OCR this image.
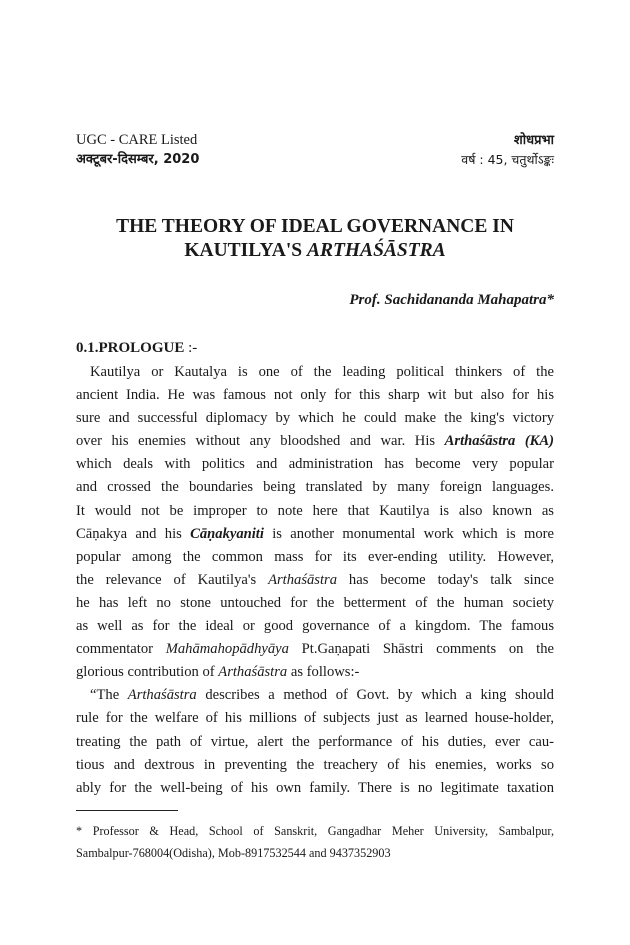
UGC - CARE Listed
अक्टूबर-दिसम्बर, 2020
शोधप्रभा
वर्ष : 45, चतुर्थोऽङ्कः
THE THEORY OF IDEAL GOVERNANCE IN
KAUTILYA'S ARTHAŚĀSTRA
Prof. Sachidananda Mahapatra*
0.1.PROLOGUE :-
Kautilya or Kautalya is one of the leading political thinkers of the
ancient India. He was famous not only for this sharp wit but also for his
sure and successful diplomacy by which he could make the king's victory
over his enemies without any bloodshed and war. His Arthaśāstra (KA)
which deals with politics and administration has become very popular
and crossed the boundaries being translated by many foreign languages.
It would not be improper to note here that Kautilya is also known as
Cāṇakya and his Cāṇakyaniti is another monumental work which is more
popular among the common mass for its ever-ending utility. However,
the relevance of Kautilya's Arthaśāstra has become today's talk since
he has left no stone untouched for the betterment of the human society
as well as for the ideal or good governance of a kingdom. The famous
commentator Mahāmahopādhyāya Pt.Gaṇapati Shāstri comments on the
glorious contribution of Arthaśāstra as follows:-
“The Arthaśāstra describes a method of Govt. by which a king should
rule for the welfare of his millions of subjects just as learned house-holder,
treating the path of virtue, alert the performance of his duties, ever cau-
tious and dextrous in preventing the treachery of his enemies, works so
ably for the well-being of his own family. There is no legitimate taxation
* Professor & Head, School of Sanskrit, Gangadhar Meher University, Sambalpur,
Sambalpur-768004(Odisha), Mob-8917532544 and 9437352903
